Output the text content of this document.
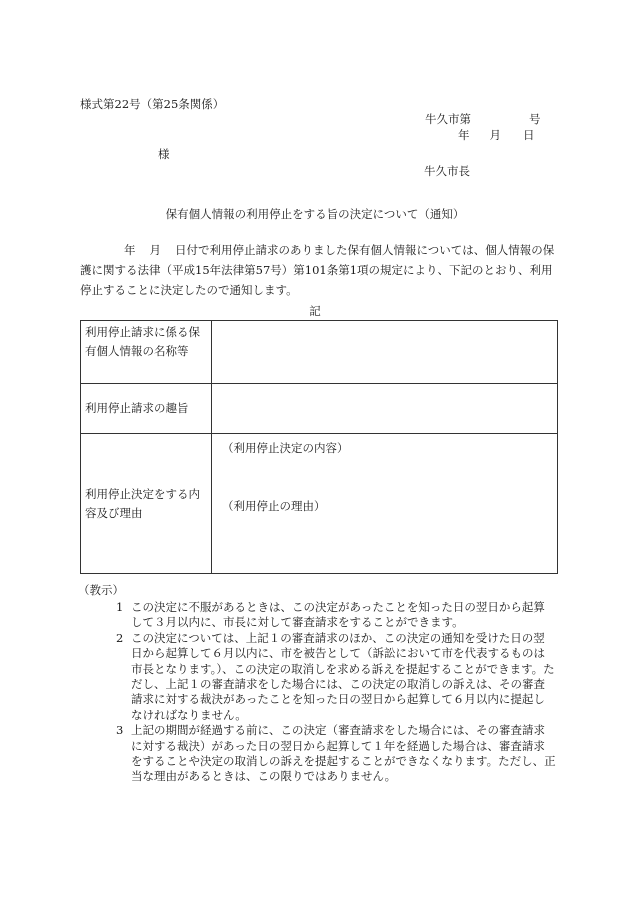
様式第22号（第25条関係）
牛久市第	号
年 月 日
様
牛久市長
保有個人情報の利用停止をする旨の決定について（通知）
年 月 日付で利用停止請求のありました保有個人情報については、個人情報の保護に関する法律（平成15年法律第57号）第101条第1項の規定により、下記のとおり、利用停止することに決定したので通知します。
記
利用停止請求に係る保有個人情報の名称等	
利用停止請求の趣旨	
利用停止決定をする内容及び理由	（利用停止決定の内容）
（利用停止の理由）
（教示）
1 この決定に不服があるときは、この決定があったことを知った日の翌日から起算して３月以内に、市長に対して審査請求をすることができます。
2 この決定については、上記１の審査請求のほか、この決定の通知を受けた日の翌日から起算して６月以内に、市を被告として（訴訟において市を代表するものは市長となります。）、この決定の取消しを求める訴えを提起することができます。ただし、上記１の審査請求をした場合には、この決定の取消しの訴えは、その審査請求に対する裁決があったことを知った日の翌日から起算して６月以内に提起しなければなりません。
3 上記の期間が経過する前に、この決定（審査請求をした場合には、その審査請求に対する裁決）があった日の翌日から起算して１年を経過した場合は、審査請求をすることや決定の取消しの訴えを提起することができなくなります。ただし、正当な理由があるときは、この限りではありません。
